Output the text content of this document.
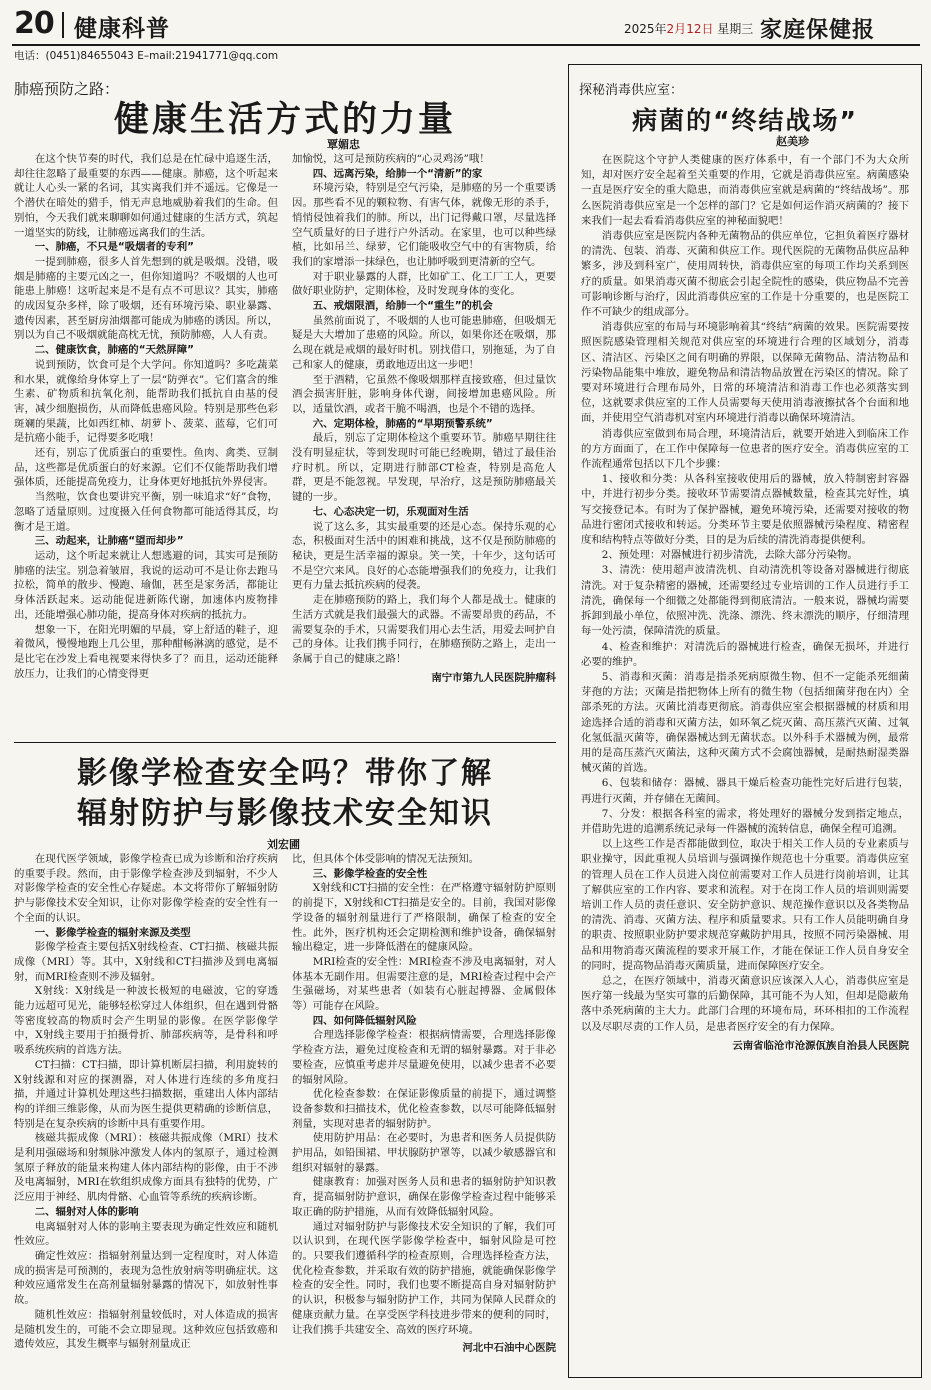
20 健康科普	2025年2月12日 星期三 家庭保健报
电话：(0451)84655043 E–mail:21941771@qq.com
肺癌预防之路：
健康生活方式的力量
覃媚忠

在这个快节奏的时代，我们总是在忙碌中追逐生活，却往往忽略了最重要的东西——健康。肺癌，这个听起来就让人心头一紧的名词，其实离我们并不遥远。它像是一个潜伏在暗处的猎手，悄无声息地威胁着我们的生命。但别怕，今天我们就来聊聊如何通过健康的生活方式，筑起一道坚实的防线，让肺癌远离我们的生活。

一、肺癌，不只是“吸烟者的专利”

一提到肺癌，很多人首先想到的就是吸烟。没错，吸烟是肺癌的主要元凶之一，但你知道吗？不吸烟的人也可能患上肺癌！这听起来是不是有点不可思议？其实，肺癌的成因复杂多样，除了吸烟，还有环境污染、职业暴露、遗传因素，甚至厨房油烟都可能成为肺癌的诱因。所以，别以为自己不吸烟就能高枕无忧，预防肺癌，人人有责。

二、健康饮食，肺癌的“天然屏障”

说到预防，饮食可是个大学问。你知道吗？多吃蔬菜和水果，就像给身体穿上了一层“防弹衣”。它们富含的维生素、矿物质和抗氧化剂，能帮助我们抵抗自由基的侵害，减少细胞损伤，从而降低患癌风险。特别是那些色彩斑斓的果蔬，比如西红柿、胡萝卜、菠菜、蓝莓，它们可是抗癌小能手，记得要多吃哦！

还有，别忘了优质蛋白的重要性。鱼肉、禽类、豆制品，这些都是优质蛋白的好来源。它们不仅能帮助我们增强体质，还能提高免疫力，让身体更好地抵抗外界侵害。

当然啦，饮食也要讲究平衡，别一味追求“好”食物，忽略了适量原则。过度摄入任何食物都可能适得其反，均衡才是王道。

三、动起来，让肺癌“望而却步”

运动，这个听起来就让人想逃避的词，其实可是预防肺癌的法宝。别急着皱眉，我说的运动可不是让你去跑马拉松，简单的散步、慢跑、瑜伽，甚至是家务活，都能让身体活跃起来。运动能促进新陈代谢，加速体内废物排出，还能增强心肺功能，提高身体对疾病的抵抗力。

想象一下，在阳光明媚的早晨，穿上舒适的鞋子，迎着微风，慢慢地跑上几公里，那种酣畅淋漓的感觉，是不是比宅在沙发上看电视要来得快多了？而且，运动还能释放压力，让我们的心情变得更

加愉悦，这可是预防疾病的“心灵鸡汤”哦！

四、远离污染，给肺一个“清新”的家

环境污染，特别是空气污染，是肺癌的另一个重要诱因。那些看不见的颗粒物、有害气体，就像无形的杀手，悄悄侵蚀着我们的肺。所以，出门记得戴口罩，尽量选择空气质量好的日子进行户外活动。在家里，也可以种些绿植，比如吊兰、绿萝，它们能吸收空气中的有害物质，给我们的家增添一抹绿色，也让肺呼吸到更清新的空气。

对于职业暴露的人群，比如矿工、化工厂工人，更要做好职业防护，定期体检，及时发现身体的变化。

五、戒烟限酒，给肺一个“重生”的机会

虽然前面说了，不吸烟的人也可能患肺癌，但吸烟无疑是大大增加了患癌的风险。所以，如果你还在吸烟，那么现在就是戒烟的最好时机。别找借口，别拖延，为了自己和家人的健康，勇敢地迈出这一步吧！

至于酒精，它虽然不像吸烟那样直接致癌，但过量饮酒会损害肝脏，影响身体代谢，间接增加患癌风险。所以，适量饮酒，或者干脆不喝酒，也是个不错的选择。

六、定期体检，肺癌的“早期预警系统”

最后，别忘了定期体检这个重要环节。肺癌早期往往没有明显症状，等到发现时可能已经晚期，错过了最佳治疗时机。所以，定期进行肺部CT检查，特别是高危人群，更是不能忽视。早发现，早治疗，这是预防肺癌最关键的一步。

七、心态决定一切，乐观面对生活

说了这么多，其实最重要的还是心态。保持乐观的心态，积极面对生活中的困难和挑战，这不仅是预防肺癌的秘诀，更是生活幸福的源泉。笑一笑，十年少，这句话可不是空穴来风。良好的心态能增强我们的免疫力，让我们更有力量去抵抗疾病的侵袭。

走在肺癌预防的路上，我们每个人都是战士。健康的生活方式就是我们最强大的武器。不需要昂贵的药品，不需要复杂的手术，只需要我们用心去生活，用爱去呵护自己的身体。让我们携手同行，在肺癌预防之路上，走出一条属于自己的健康之路！

南宁市第九人民医院肿瘤科

影像学检查安全吗？带你了解
辐射防护与影像技术安全知识
刘宏圃

在现代医学领域，影像学检查已成为诊断和治疗疾病的重要手段。然而，由于影像学检查涉及到辐射，不少人对影像学检查的安全性心存疑虑。本文将带你了解辐射防护与影像技术安全知识，让你对影像学检查的安全性有一个全面的认识。

一、影像学检查的辐射来源及类型

影像学检查主要包括X射线检查、CT扫描、核磁共振成像（MRI）等。其中，X射线和CT扫描涉及到电离辐射，而MRI检查则不涉及辐射。

X射线：X射线是一种波长极短的电磁波，它的穿透能力远超可见光，能够轻松穿过人体组织，但在遇到骨骼等密度较高的物质时会产生明显的影像。在医学影像学中，X射线主要用于拍摄骨折、肺部疾病等，是骨科和呼吸系统疾病的首选方法。

CT扫描：CT扫描，即计算机断层扫描，利用旋转的X射线源和对应的探测器，对人体进行连续的多角度扫描，并通过计算机处理这些扫描数据，重建出人体内部结构的详细三维影像，从而为医生提供更精确的诊断信息，特别是在复杂疾病的诊断中具有重要作用。

核磁共振成像（MRI）：核磁共振成像（MRI）技术是利用强磁场和射频脉冲激发人体内的氢原子，通过检测氢原子释放的能量来构建人体内部结构的影像，由于不涉及电离辐射，MRI在软组织成像方面具有独特的优势，广泛应用于神经、肌肉骨骼、心血管等系统的疾病诊断。

二、辐射对人体的影响

电离辐射对人体的影响主要表现为确定性效应和随机性效应。

确定性效应：指辐射剂量达到一定程度时，对人体造成的损害是可预测的，表现为急性放射病等明确症状。这种效应通常发生在高剂量辐射暴露的情况下，如放射性事故。

随机性效应：指辐射剂量较低时，对人体造成的损害是随机发生的，可能不会立即显现。这种效应包括致癌和遗传效应，其发生概率与辐射剂量成正

比，但具体个体受影响的情况无法预知。

三、影像学检查的安全性

X射线和CT扫描的安全性：在严格遵守辐射防护原则的前提下，X射线和CT扫描是安全的。目前，我国对影像学设备的辐射剂量进行了严格限制，确保了检查的安全性。此外，医疗机构还会定期检测和维护设备，确保辐射输出稳定，进一步降低潜在的健康风险。

MRI检查的安全性：MRI检查不涉及电离辐射，对人体基本无副作用。但需要注意的是，MRI检查过程中会产生强磁场，对某些患者（如装有心脏起搏器、金属假体等）可能存在风险。

四、如何降低辐射风险

合理选择影像学检查：根据病情需要，合理选择影像学检查方法，避免过度检查和无谓的辐射暴露。对于非必要检查，应慎重考虑并尽量避免使用，以减少患者不必要的辐射风险。

优化检查参数：在保证影像质量的前提下，通过调整设备参数和扫描技术，优化检查参数，以尽可能降低辐射剂量，实现对患者的辐射防护。

使用防护用品：在必要时，为患者和医务人员提供防护用品，如铅围裙、甲状腺防护罩等，以减少敏感器官和组织对辐射的暴露。

健康教育：加强对医务人员和患者的辐射防护知识教育，提高辐射防护意识，确保在影像学检查过程中能够采取正确的防护措施，从而有效降低辐射风险。

通过对辐射防护与影像技术安全知识的了解，我们可以认识到，在现代医学影像学检查中，辐射风险是可控的。只要我们遵循科学的检查原则，合理选择检查方法，优化检查参数，并采取有效的防护措施，就能确保影像学检查的安全性。同时，我们也要不断提高自身对辐射防护的认识，积极参与辐射防护工作，共同为保障人民群众的健康贡献力量。在享受医学科技进步带来的便利的同时，让我们携手共建安全、高效的医疗环境。

河北中石油中心医院

探秘消毒供应室：
病菌的“终结战场”
赵美珍

在医院这个守护人类健康的医疗体系中，有一个部门不为大众所知，却对医疗安全起着至关重要的作用，它就是消毒供应室。病菌感染一直是医疗安全的重大隐患，而消毒供应室就是病菌的“终结战场”。那么医院消毒供应室是一个怎样的部门？它是如何运作消灭病菌的？接下来我们一起去看看消毒供应室的神秘面貌吧！

消毒供应室是医院内各种无菌物品的供应单位，它担负着医疗器材的清洗、包装、消毒、灭菌和供应工作。现代医院的无菌物品供应品种繁多，涉及到科室广，使用周转快，消毒供应室的每项工作均关系到医疗的质量。如果消毒灭菌不彻底会引起全院性的感染，供应物品不完善可影响诊断与治疗，因此消毒供应室的工作是十分重要的，也是医院工作不可缺少的组成部分。

消毒供应室的布局与环境影响着其“终结”病菌的效果。医院需要按照医院感染管理相关规范对供应室的环境进行合理的区域划分，消毒区、清洁区、污染区之间有明确的界限，以保障无菌物品、清洁物品和污染物品能集中堆放，避免物品和清洁物品放置在污染区的情况。除了要对环境进行合理布局外，日常的环境清洁和消毒工作也必须落实到位，这就要求供应室的工作人员需要每天使用消毒液擦拭各个台面和地面，并使用空气消毒机对室内环境进行消毒以确保环境清洁。

消毒供应室做到布局合理，环境清洁后，就要开始进入到临床工作的方方面面了，在工作中保障每一位患者的医疗安全。消毒供应室的工作流程通常包括以下几个步骤：

1、接收和分类：从各科室接收使用后的器械，放入特制密封容器中，并进行初步分类。接收环节需要清点器械数量，检查其完好性，填写交接登记本。有时为了保护器械，避免环境污染，还需要对接收的物品进行密闭式接收和转运。分类环节主要是依照器械污染程度、精密程度和结构特点等做好分类，目的是为后续的清洗消毒提供便利。

2、预处理：对器械进行初步清洗，去除大部分污染物。

3、清洗：使用超声波清洗机、自动清洗机等设备对器械进行彻底清洗。对于复杂精密的器械，还需要经过专业培训的工作人员进行手工清洗，确保每一个细微之处都能得到彻底清洁。一般来说，器械均需要拆卸到最小单位，依照冲洗、洗涤、漂洗、终末漂洗的顺序，仔细清理每一处污渍，保障清洗的质量。

4、检查和维护：对清洗后的器械进行检查，确保无损坏，并进行必要的维护。

5、消毒和灭菌：消毒是指杀死病原微生物、但不一定能杀死细菌芽孢的方法；灭菌是指把物体上所有的微生物（包括细菌芽孢在内）全部杀死的方法。灭菌比消毒更彻底。消毒供应室会根据器械的材质和用途选择合适的消毒和灭菌方法，如环氧乙烷灭菌、高压蒸汽灭菌、过氧化氢低温灭菌等，确保器械达到无菌状态。以外科手术器械为例，最常用的是高压蒸汽灭菌法，这种灭菌方式不会腐蚀器械，是耐热耐湿类器械灭菌的首选。

6、包装和储存：器械、器具干燥后检查功能性完好后进行包装，再进行灭菌，并存储在无菌间。

7、分发：根据各科室的需求，将处理好的器械分发到指定地点，并借助先进的追溯系统记录每一件器械的流转信息，确保全程可追溯。

以上这些工作是否都能做到位，取决于相关工作人员的专业素质与职业操守，因此重视人员培训与强调操作规范也十分重要。消毒供应室的管理人员在工作人员进入岗位前需要对工作人员进行岗前培训，让其了解供应室的工作内容、要求和流程。对于在岗工作人员的培训则需要培训工作人员的责任意识、安全防护意识、规范操作意识以及各类物品的清洗、消毒、灭菌方法、程序和质量要求。只有工作人员能明确自身的职责、按照职业防护要求规范穿戴防护用具，按照不同污染器械、用品和用物消毒灭菌流程的要求开展工作，才能在保证工作人员自身安全的同时，提高物品消毒灭菌质量，进而保障医疗安全。

总之，在医疗领域中，消毒灭菌意识应该深入人心，消毒供应室是医疗第一线最为坚实可靠的后勤保障，其可能不为人知，但却是隐蔽角落中杀死病菌的主大力。此部门合理的环境布局，环环相扣的工作流程以及尽职尽责的工作人员，是患者医疗安全的有力保障。

云南省临沧市沧源佤族自治县人民医院
